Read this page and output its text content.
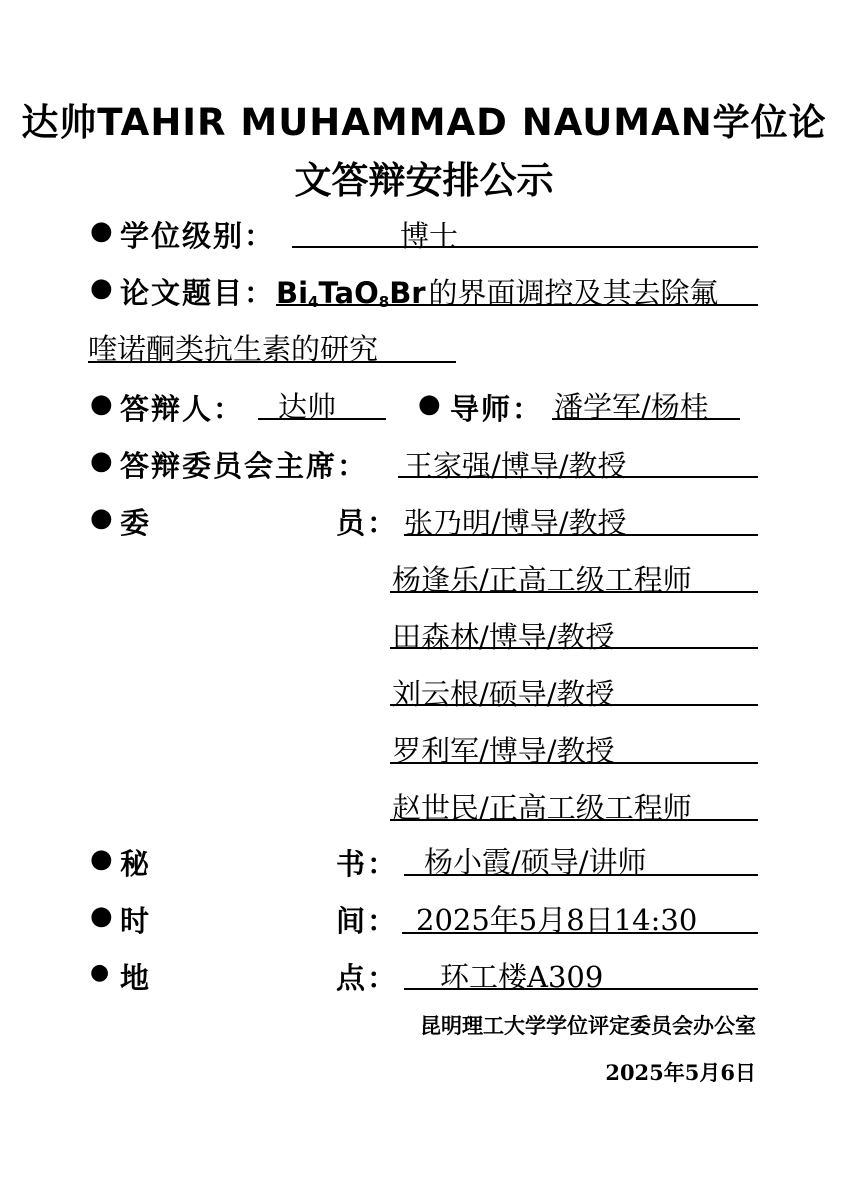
达帅TAHIR MUHAMMAD NAUMAN学位论
文答辩安排公示
● 学位级别：	博士
● 论文题目： $Bi_4TaO_8Br$ 的界面调控及其去除氟
喹诺酮类抗生素的研究
● 答辩人： 达帅	● 导师： 潘学军/杨桂
● 答辩委员会主席： 王家强/博导/教授
● 委	员： 张乃明/博导/教授
杨逢乐/正高工级工程师
田森林/博导/教授
刘云根/硕导/教授
罗利军/博导/教授
赵世民/正高工级工程师
● 秘	书： 杨小霞/硕导/讲师
● 时	间： 2025年5月8日14:30
● 地	点： 环工楼A309
昆明理工大学学位评定委员会办公室
2025年5月6日
